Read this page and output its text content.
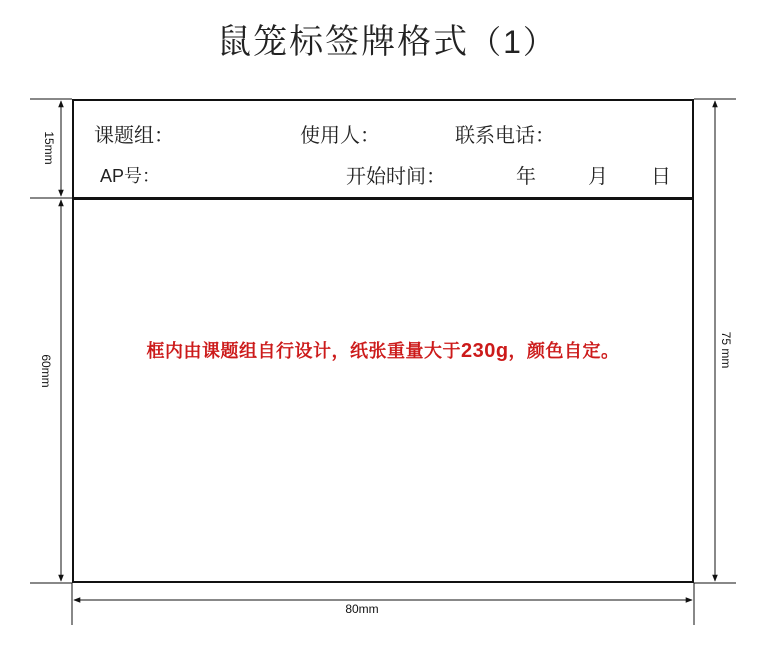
鼠笼标签牌格式（1）
课题组：	使用人：	联系电话：
AP号：	开始时间：	年	月 日
框内由课题组自行设计，纸张重量大于230g，颜色自定。
15mm
60mm
75 mm
80mm
